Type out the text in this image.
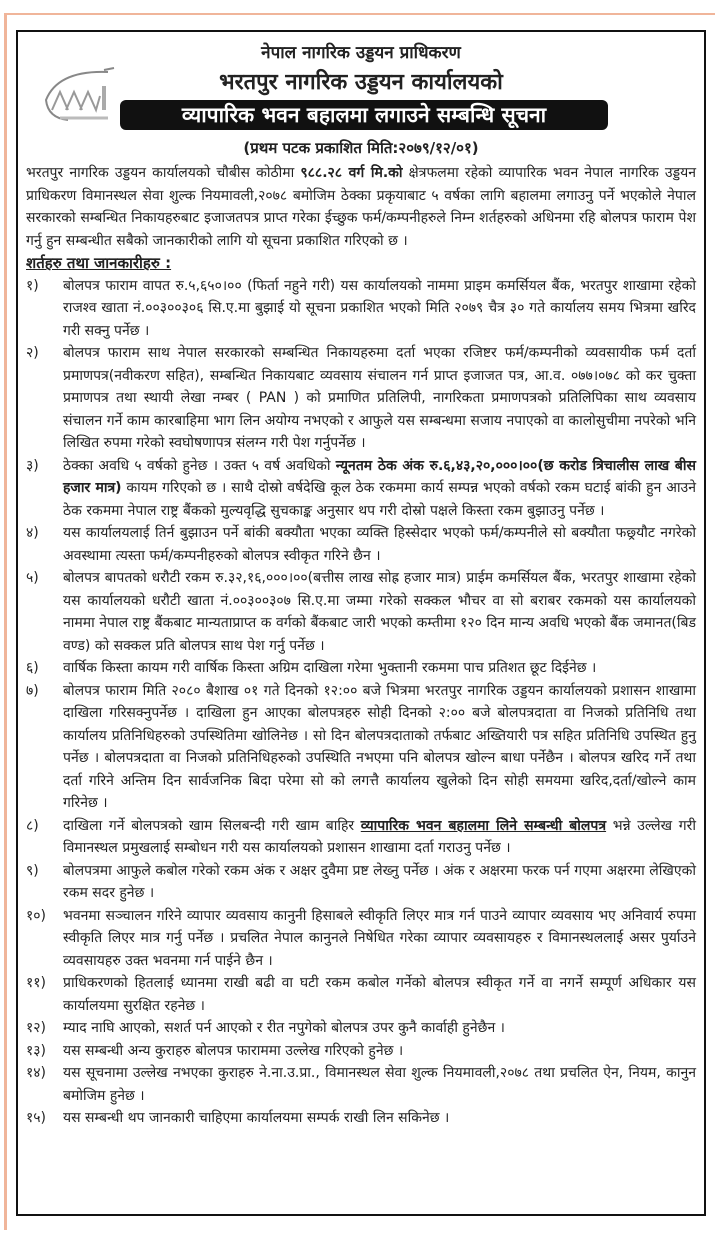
नेपाल नागरिक उड्डयन प्राधिकरण
भरतपुर नागरिक उड्डयन कार्यालयको
व्यापारिक भवन बहालमा लगाउने सम्बन्धि सूचना
(प्रथम पटक प्रकाशित मिति:२०७९/१२/०१)

भरतपुर नागरिक उड्डयन कार्यालयको चौबीस कोठीमा ९८८.२८ वर्ग मि.को क्षेत्रफलमा रहेको व्यापारिक भवन नेपाल नागरिक उड्डयन प्राधिकरण विमानस्थल सेवा शुल्क नियमावली,२०७८ बमोजिम ठेक्का प्रकृयाबाट ५ वर्षका लागि बहालमा लगाउनु पर्ने भएकोले नेपाल सरकारको सम्बन्धित निकायहरुबाट इजाजतपत्र प्राप्त गरेका ईच्छुक फर्म/कम्पनीहरुले निम्न शर्तहरुको अधिनमा रहि बोलपत्र फाराम पेश गर्नु हुन सम्बन्धीत सबैको जानकारीको लागि यो सूचना प्रकाशित गरिएको छ ।

शर्तहरु तथा जानकारीहरु :

१)	बोलपत्र फाराम वापत रु.५,६५०।०० (फिर्ता नहुने गरी) यस कार्यालयको नाममा प्राइम कमर्सियल बैंक, भरतपुर शाखामा रहेको राजश्व खाता नं.००३००३०६ सि.ए.मा बुझाई यो सूचना प्रकाशित भएको मिति २०७९ चैत्र ३० गते कार्यालय समय भित्रमा खरिद गरी सक्नु पर्नेछ ।
२)	बोलपत्र फाराम साथ नेपाल सरकारको सम्बन्धित निकायहरुमा दर्ता भएका रजिष्टर फर्म/कम्पनीको व्यवसायीक फर्म दर्ता प्रमाणपत्र(नवीकरण सहित), सम्बन्धित निकायबाट व्यवसाय संचालन गर्न प्राप्त इजाजत पत्र, आ.व. ०७७।०७८ को कर चुक्ता प्रमाणपत्र तथा स्थायी लेखा नम्बर ( PAN ) को प्रमाणित प्रतिलिपी, नागरिकता प्रमाणपत्रको प्रतिलिपिका साथ व्यवसाय संचालन गर्ने काम कारबाहिमा भाग लिन अयोग्य नभएको र आफुले यस सम्बन्धमा सजाय नपाएको वा कालोसुचीमा नपरेको भनि लिखित रुपमा गरेको स्वघोषणापत्र संलग्न गरी पेश गर्नुपर्नेछ ।
३)	ठेक्का अवधि ५ वर्षको हुनेछ । उक्त ५ वर्ष अवधिको न्यूनतम ठेक अंक रु.६,४३,२०,०००।००(छ करोड त्रिचालीस लाख बीस हजार मात्र) कायम गरिएको छ । साथै दोस्रो वर्षदेखि कूल ठेक रकममा कार्य सम्पन्न भएको वर्षको रकम घटाई बांकी हुन आउने ठेक रकममा नेपाल राष्ट्र बैंकको मुल्यवृद्धि सुचकाङ्क अनुसार थप गरी दोस्रो पक्षले किस्ता रकम बुझाउनु पर्नेछ ।
४)	यस कार्यालयलाई तिर्न बुझाउन पर्ने बांकी बक्यौता भएका व्यक्ति हिस्सेदार भएको फर्म/कम्पनीले सो बक्यौता फछ्र्यौट नगरेको अवस्थामा त्यस्ता फर्म/कम्पनीहरुको बोलपत्र स्वीकृत गरिने छैन ।
५)	बोलपत्र बापतको धरौटी रकम रु.३२,१६,०००।००(बत्तीस लाख सोह्र हजार मात्र) प्राईम कमर्सियल बैंक, भरतपुर शाखामा रहेको यस कार्यालयको धरौटी खाता नं.००३००३०७ सि.ए.मा जम्मा गरेको सक्कल भौचर वा सो बराबर रकमको यस कार्यालयको नाममा नेपाल राष्ट्र बैंकबाट मान्यताप्राप्त क वर्गको बैंकबाट जारी भएको कम्तीमा १२० दिन मान्य अवधि भएको बैंक जमानत(बिड वण्ड) को सक्कल प्रति बोलपत्र साथ पेश गर्नु पर्नेछ ।
६)	वार्षिक किस्ता कायम गरी वार्षिक किस्ता अग्रिम दाखिला गरेमा भुक्तानी रकममा पाच प्रतिशत छूट दिईनेछ ।
७)	बोलपत्र फाराम मिति २०८० बैशाख ०१ गते दिनको १२:०० बजे भित्रमा भरतपुर नागरिक उड्डयन कार्यालयको प्रशासन शाखामा दाखिला गरिसक्नुपर्नेछ । दाखिला हुन आएका बोलपत्रहरु सोही दिनको २:०० बजे बोलपत्रदाता वा निजको प्रतिनिधि तथा कार्यालय प्रतिनिधिहरुको उपस्थितिमा खोलिनेछ । सो दिन बोलपत्रदाताको तर्फबाट अख्तियारी पत्र सहित प्रतिनिधि उपस्थित हुनु पर्नेछ । बोलपत्रदाता वा निजको प्रतिनिधिहरुको उपस्थिति नभएमा पनि बोलपत्र खोल्न बाधा पर्नेछैन । बोलपत्र खरिद गर्ने तथा दर्ता गरिने अन्तिम दिन सार्वजनिक बिदा परेमा सो को लगत्तै कार्यालय खुलेको दिन सोही समयमा खरिद,दर्ता/खोल्ने काम गरिनेछ ।
८)	दाखिला गर्ने बोलपत्रको खाम सिलबन्दी गरी खाम बाहिर व्यापारिक भवन बहालमा लिने सम्बन्धी बोलपत्र भन्ने उल्लेख गरी विमानस्थल प्रमुखलाई सम्बोधन गरी यस कार्यालयको प्रशासन शाखामा दर्ता गराउनु पर्नेछ ।
९)	बोलपत्रमा आफुले कबोल गरेको रकम अंक र अक्षर दुवैमा प्रष्ट लेख्नु पर्नेछ । अंक र अक्षरमा फरक पर्न गएमा अक्षरमा लेखिएको रकम सदर हुनेछ ।
१०)	भवनमा सञ्चालन गरिने व्यापार व्यवसाय कानुनी हिसाबले स्वीकृति लिएर मात्र गर्न पाउने व्यापार व्यवसाय भए अनिवार्य रुपमा स्वीकृति लिएर मात्र गर्नु पर्नेछ । प्रचलित नेपाल कानुनले निषेधित गरेका व्यापार व्यवसायहरु र विमानस्थललाई असर पुर्याउने व्यवसायहरु उक्त भवनमा गर्न पाईने छैन ।
११)	प्राधिकरणको हितलाई ध्यानमा राखी बढी वा घटी रकम कबोल गर्नेको बोलपत्र स्वीकृत गर्ने वा नगर्ने सम्पूर्ण अधिकार यस कार्यालयमा सुरक्षित रहनेछ ।
१२)	म्याद नाघि आएको, सशर्त पर्न आएको र रीत नपुगेको बोलपत्र उपर कुनै कार्वाही हुनेछैन ।
१३)	यस सम्बन्धी अन्य कुराहरु बोलपत्र फाराममा उल्लेख गरिएको हुनेछ ।
१४)	यस सूचनामा उल्लेख नभएका कुराहरु ने.ना.उ.प्रा., विमानस्थल सेवा शुल्क नियमावली,२०७८ तथा प्रचलित ऐन, नियम, कानुन बमोजिम हुनेछ ।
१५)	यस सम्बन्धी थप जानकारी चाहिएमा कार्यालयमा सम्पर्क राखी लिन सकिनेछ ।
